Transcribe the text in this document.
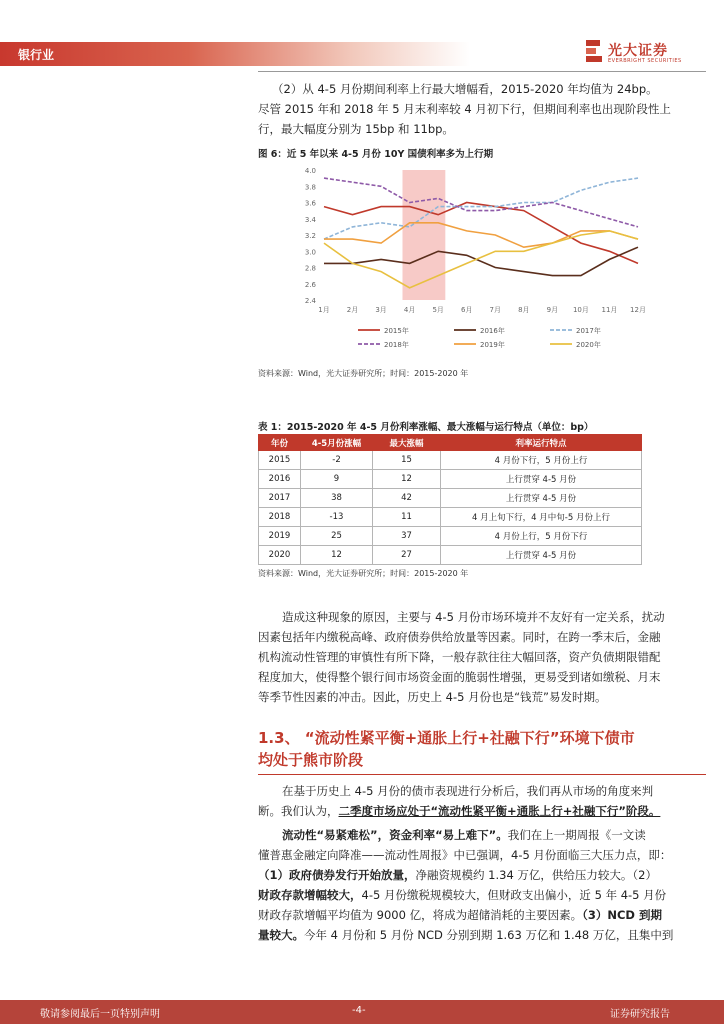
银行业	光大证券
EVERBRIGHT SECURITIES
（2）从 4-5 月份期间利率上行最大增幅看，2015-2020 年均值为 24bp。
尽管 2015 年和 2018 年 5 月末利率较 4 月初下行，但期间利率也出现阶段性上
行，最大幅度分别为 15bp 和 11bp。
图 6：近 5 年以来 4-5 月份 10Y 国债利率多为上行期
4.0
3.8
3.6
3.4
3.2
3.0
2.8
2.6
2.4
1月 2月 3月 4月 5月 6月 7月 8月 9月 10月 11月 12月
2015年	2016年	2017年
2018年	2019年	2020年
资料来源：Wind，光大证券研究所；时间：2015-2020 年
表 1：2015-2020 年 4-5 月份利率涨幅、最大涨幅与运行特点（单位：bp）
年份	4-5月份涨幅	最大涨幅	利率运行特点
2015	-2	15	4 月份下行，5 月份上行
2016	9	12	上行贯穿 4-5 月份
2017	38	42	上行贯穿 4-5 月份
2018	-13	11	4 月上旬下行，4 月中旬-5 月份上行
2019	25	37	4 月份上行，5 月份下行
2020	12	27	上行贯穿 4-5 月份
资料来源：Wind，光大证券研究所；时间：2015-2020 年
造成这种现象的原因，主要与 4-5 月份市场环境并不友好有一定关系，扰动
因素包括年内缴税高峰、政府债券供给放量等因素。同时，在跨一季末后，金融
机构流动性管理的审慎性有所下降，一般存款往往大幅回落，资产负债期限错配
程度加大，使得整个银行间市场资金面的脆弱性增强，更易受到诸如缴税、月末
等季节性因素的冲击。因此，历史上 4-5 月份也是“钱荒”易发时期。
1.3、 “流动性紧平衡+通胀上行+社融下行”环境下债市
均处于熊市阶段
在基于历史上 4-5 月份的债市表现进行分析后，我们再从市场的角度来判
断。我们认为，二季度市场应处于“流动性紧平衡+通胀上行+社融下行”阶段。
流动性“易紧难松”，资金利率“易上难下”。我们在上一期周报《一文读
懂普惠金融定向降准——流动性周报》中已强调，4-5 月份面临三大压力点，即：
（1）政府债券发行开始放量，净融资规模约 1.34 万亿，供给压力较大。（2）
财政存款增幅较大，4-5 月份缴税规模较大，但财政支出偏小，近 5 年 4-5 月份
财政存款增幅平均值为 9000 亿，将成为超储消耗的主要因素。（3）NCD 到期
量较大。今年 4 月份和 5 月份 NCD 分别到期 1.63 万亿和 1.48 万亿，且集中到
敬请参阅最后一页特别声明	-4-	证券研究报告
